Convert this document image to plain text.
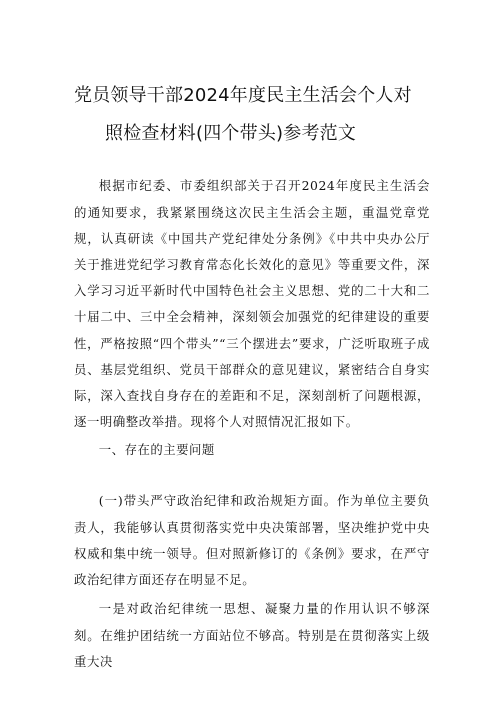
党员领导干部2024年度民主生活会个人对
照检查材料(四个带头)参考范文

根据市纪委、市委组织部关于召开2024年度民主生活会的通知要求，我紧紧围绕这次民主生活会主题，重温党章党规，认真研读《中国共产党纪律处分条例》《中共中央办公厅关于推进党纪学习教育常态化长效化的意见》等重要文件，深入学习习近平新时代中国特色社会主义思想、党的二十大和二十届二中、三中全会精神，深刻领会加强党的纪律建设的重要性，严格按照“四个带头”“三个摆进去”要求，广泛听取班子成员、基层党组织、党员干部群众的意见建议，紧密结合自身实际，深入查找自身存在的差距和不足，深刻剖析了问题根源，逐一明确整改举措。现将个人对照情况汇报如下。

一、存在的主要问题

(一)带头严守政治纪律和政治规矩方面。作为单位主要负责人，我能够认真贯彻落实党中央决策部署，坚决维护党中央权威和集中统一领导。但对照新修订的《条例》要求，在严守政治纪律方面还存在明显不足。

一是对政治纪律统一思想、凝聚力量的作用认识不够深刻。在维护团结统一方面站位不够高。特别是在贯彻落实上级重大决
